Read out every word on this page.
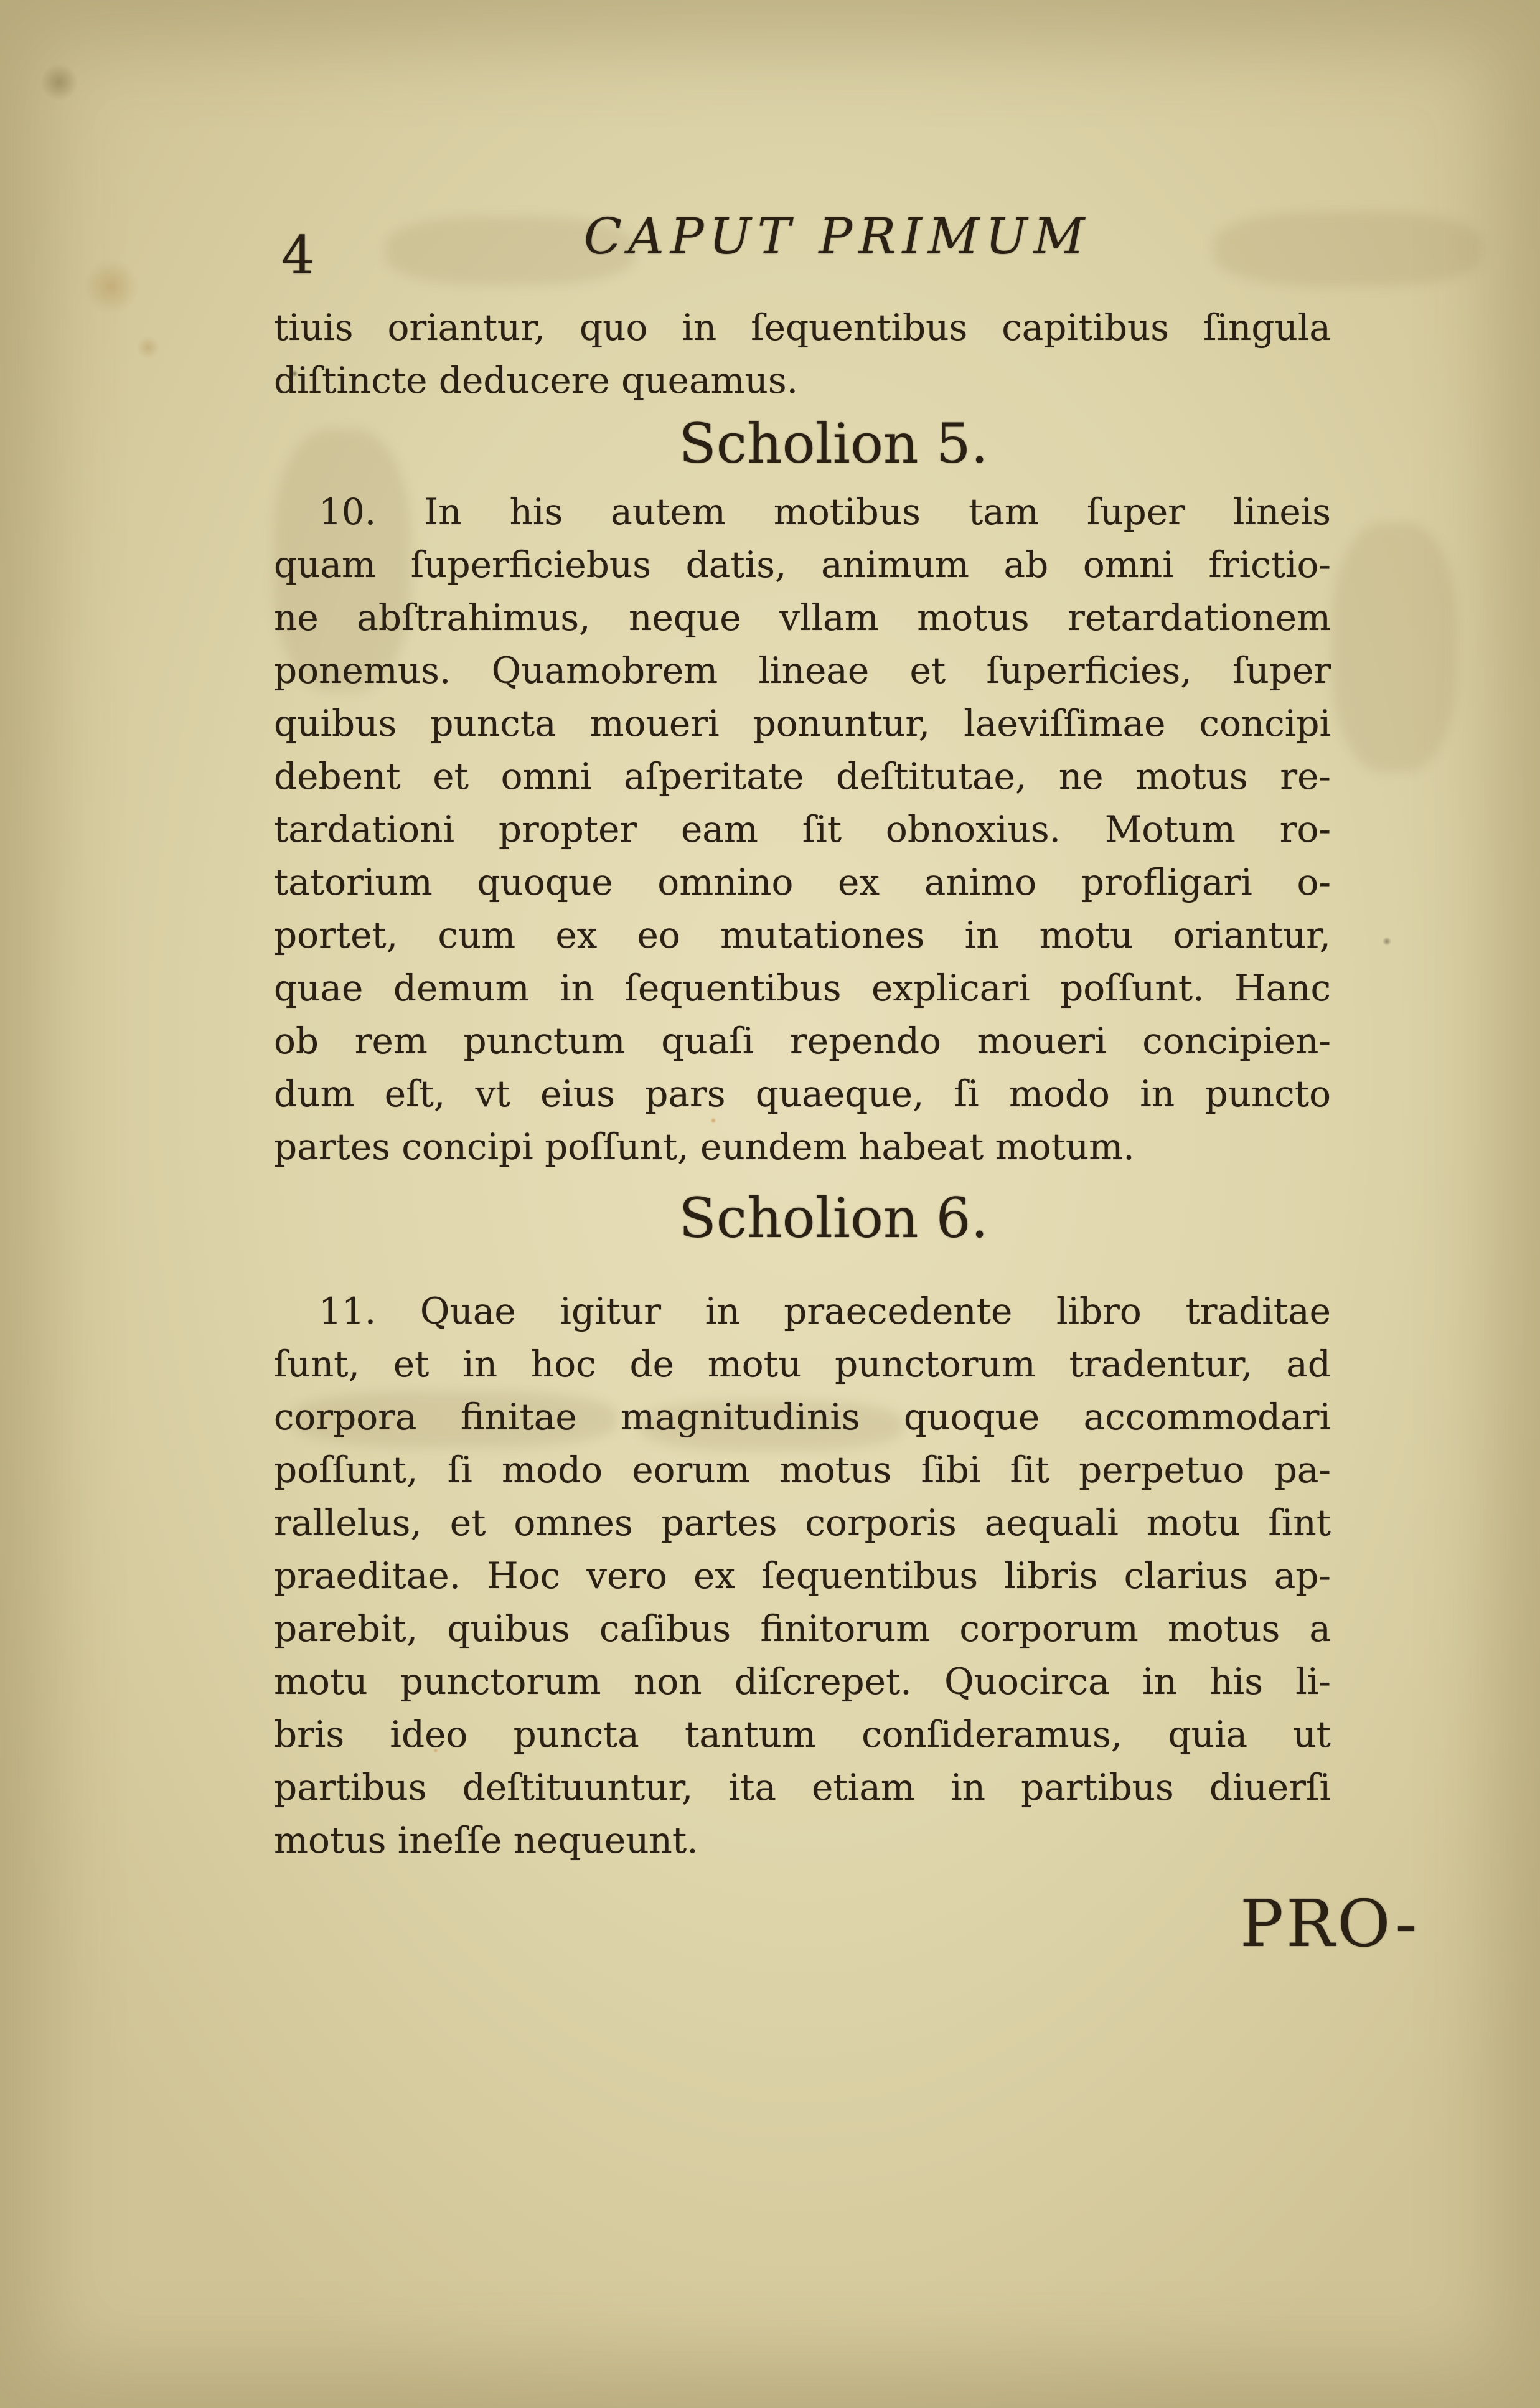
4	CAPUT PRIMUM
tiuis oriantur, quo in ſequentibus capitibus ſingula
diſtincte deducere queamus.
Scholion 5.
10. In his autem motibus tam ſuper lineis
quam ſuperficiebus datis, animum ab omni frictio-
ne abſtrahimus, neque vllam motus retardationem
ponemus. Quamobrem lineae et ſuperficies, ſuper
quibus puncta moueri ponuntur, laeviſſimae concipi
debent et omni aſperitate deſtitutae, ne motus re-
tardationi propter eam ſit obnoxius. Motum ro-
tatorium quoque omnino ex animo profligari o-
portet, cum ex eo mutationes in motu oriantur,
quae demum in ſequentibus explicari poſſunt. Hanc
ob rem punctum quaſi rependo moueri concipien-
dum eſt, vt eius pars quaeque, ſi modo in puncto
partes concipi poſſunt, eundem habeat motum.
Scholion 6.
11. Quae igitur in praecedente libro traditae
ſunt, et in hoc de motu punctorum tradentur, ad
corpora finitae magnitudinis quoque accommodari
poſſunt, ſi modo eorum motus ſibi ſit perpetuo pa-
rallelus, et omnes partes corporis aequali motu ſint
praeditae. Hoc vero ex ſequentibus libris clarius ap-
parebit, quibus caſibus finitorum corporum motus a
motu punctorum non diſcrepet. Quocirca in his li-
bris ideo puncta tantum conſideramus, quia ut
partibus deſtituuntur, ita etiam in partibus diuerſi
motus ineſſe nequeunt.
PRO-
